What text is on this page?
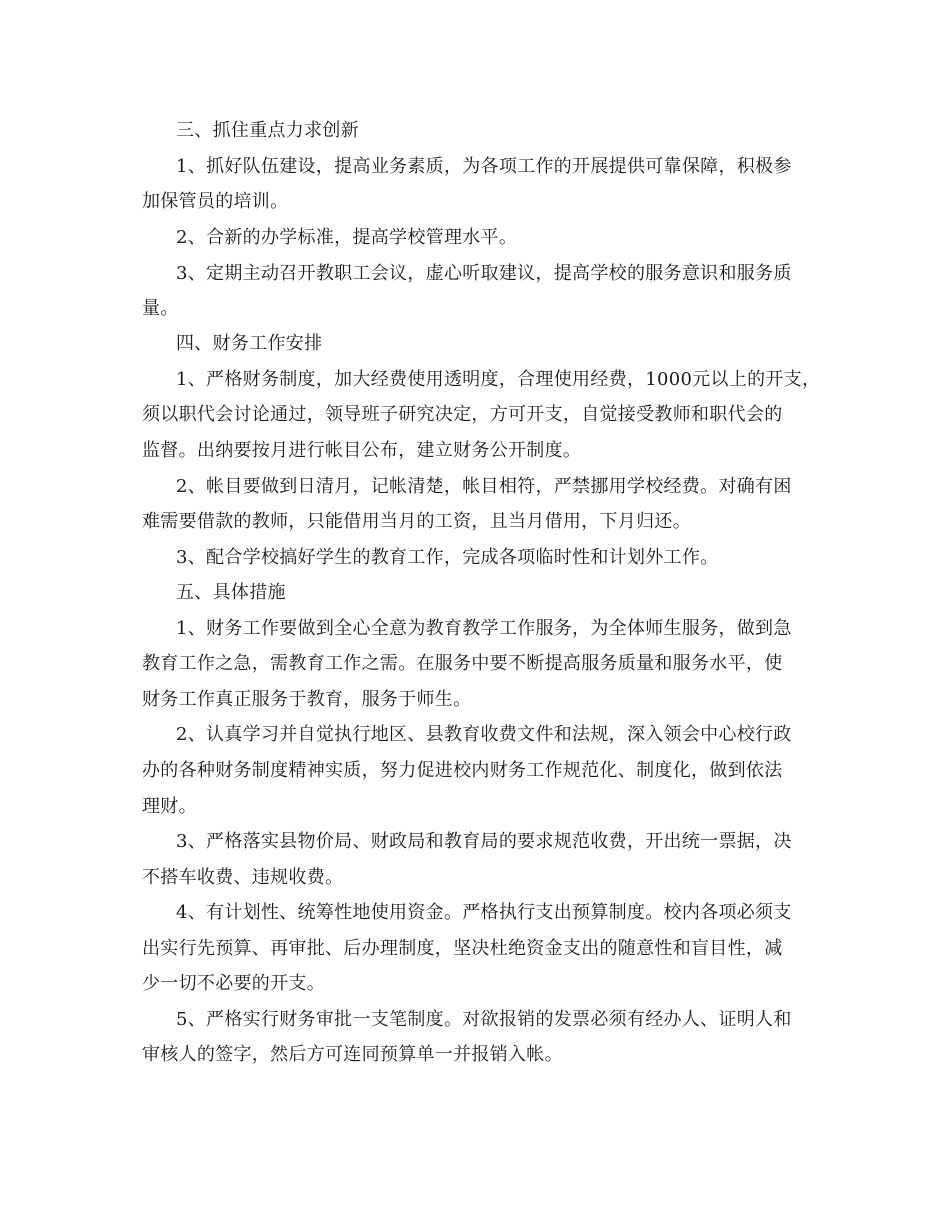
三、抓住重点力求创新
1、抓好队伍建设，提高业务素质，为各项工作的开展提供可靠保障，积极参
加保管员的培训。
2、合新的办学标准，提高学校管理水平。
3、定期主动召开教职工会议，虚心听取建议，提高学校的服务意识和服务质
量。
四、财务工作安排
1、严格财务制度，加大经费使用透明度，合理使用经费，1000元以上的开支，
须以职代会讨论通过，领导班子研究决定，方可开支，自觉接受教师和职代会的
监督。出纳要按月进行帐目公布，建立财务公开制度。
2、帐目要做到日清月，记帐清楚，帐目相符，严禁挪用学校经费。对确有困
难需要借款的教师，只能借用当月的工资，且当月借用，下月归还。
3、配合学校搞好学生的教育工作，完成各项临时性和计划外工作。
五、具体措施
1、财务工作要做到全心全意为教育教学工作服务，为全体师生服务，做到急
教育工作之急，需教育工作之需。在服务中要不断提高服务质量和服务水平，使
财务工作真正服务于教育，服务于师生。
2、认真学习并自觉执行地区、县教育收费文件和法规，深入领会中心校行政
办的各种财务制度精神实质，努力促进校内财务工作规范化、制度化，做到依法
理财。
3、严格落实县物价局、财政局和教育局的要求规范收费，开出统一票据，决
不搭车收费、违规收费。
4、有计划性、统筹性地使用资金。严格执行支出预算制度。校内各项必须支
出实行先预算、再审批、后办理制度，坚决杜绝资金支出的随意性和盲目性，减
少一切不必要的开支。
5、严格实行财务审批一支笔制度。对欲报销的发票必须有经办人、证明人和
审核人的签字，然后方可连同预算单一并报销入帐。
